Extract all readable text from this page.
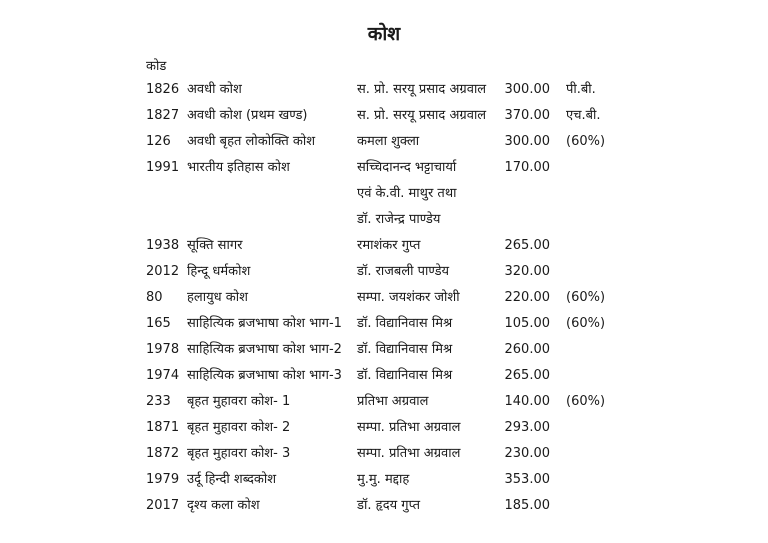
कोश
कोड
1826 अवधी कोश	स. प्रो. सरयू प्रसाद अग्रवाल	300.00 पी.बी.
1827 अवधी कोश (प्रथम खण्ड)	स. प्रो. सरयू प्रसाद अग्रवाल	370.00 एच.बी.
126 अवधी बृहत लोकोक्ति कोश	कमला शुक्ला	300.00 (60%)
1991 भारतीय इतिहास कोश	सच्चिदानन्द भट्टाचार्या	170.00
एवं के.वी. माथुर तथा
डॉ. राजेन्द्र पाण्डेय
1938 सूक्ति सागर	रमाशंकर गुप्त	265.00
2012 हिन्दू धर्मकोश	डॉ. राजबली पाण्डेय	320.00
80 हलायुध कोश	सम्पा. जयशंकर जोशी	220.00 (60%)
165 साहित्यिक ब्रजभाषा कोश भाग-1 डॉ. विद्यानिवास मिश्र	105.00 (60%)
1978 साहित्यिक ब्रजभाषा कोश भाग-2 डॉ. विद्यानिवास मिश्र	260.00
1974 साहित्यिक ब्रजभाषा कोश भाग-3 डॉ. विद्यानिवास मिश्र	265.00
233 बृहत मुहावरा कोश- 1	प्रतिभा अग्रवाल	140.00 (60%)
1871 बृहत मुहावरा कोश- 2	सम्पा. प्रतिभा अग्रवाल	293.00
1872 बृहत मुहावरा कोश- 3	सम्पा. प्रतिभा अग्रवाल	230.00
1979 उर्दू हिन्दी शब्दकोश	मु.मु. मद्दाह	353.00
2017 दृश्य कला कोश	डॉ. हृदय गुप्त	185.00
